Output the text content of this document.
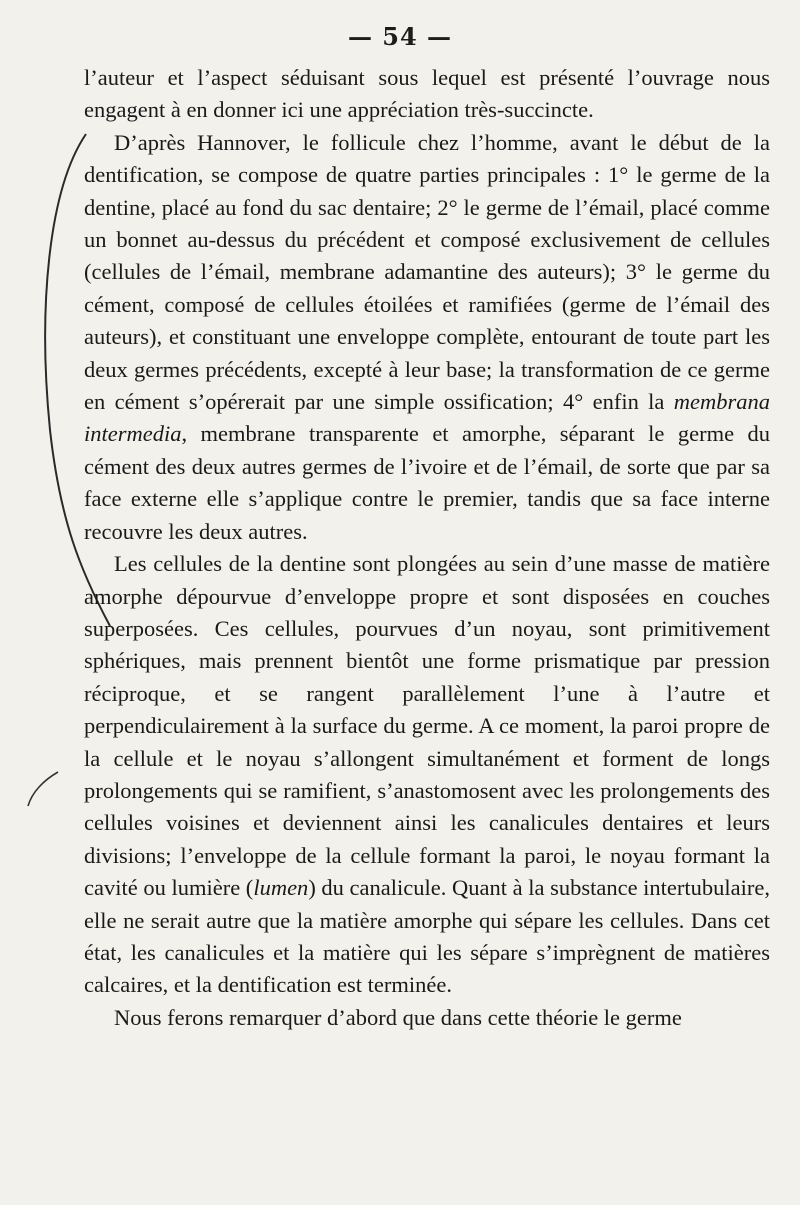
— 54 —

l’auteur et l’aspect séduisant sous lequel est présenté l’ouvrage nous engagent à en donner ici une appréciation très-succincte.

D’après Hannover, le follicule chez l’homme, avant le début de la dentification, se compose de quatre parties principales : 1° le germe de la dentine, placé au fond du sac dentaire; 2° le germe de l’émail, placé comme un bonnet au-dessus du précédent et composé exclusivement de cellules (cellules de l’émail, membrane adamantine des auteurs); 3° le germe du cément, composé de cellules étoilées et ramifiées (germe de l’émail des auteurs), et constituant une enveloppe complète, entourant de toute part les deux germes précédents, excepté à leur base; la transformation de ce germe en cément s’opérerait par une simple ossification; 4° enfin la membrana intermedia, membrane transparente et amorphe, séparant le germe du cément des deux autres germes de l’ivoire et de l’émail, de sorte que par sa face externe elle s’applique contre le premier, tandis que sa face interne recouvre les deux autres.

Les cellules de la dentine sont plongées au sein d’une masse de matière amorphe dépourvue d’enveloppe propre et sont disposées en couches superposées. Ces cellules, pourvues d’un noyau, sont primitivement sphériques, mais prennent bientôt une forme prismatique par pression réciproque, et se rangent parallèlement l’une à l’autre et perpendiculairement à la surface du germe. A ce moment, la paroi propre de la cellule et le noyau s’allongent simultanément et forment de longs prolongements qui se ramifient, s’anastomosent avec les prolongements des cellules voisines et deviennent ainsi les canalicules dentaires et leurs divisions; l’enveloppe de la cellule formant la paroi, le noyau formant la cavité ou lumière (lumen) du canalicule. Quant à la substance intertubulaire, elle ne serait autre que la matière amorphe qui sépare les cellules. Dans cet état, les canalicules et la matière qui les sépare s’imprègnent de matières calcaires, et la dentification est terminée.

Nous ferons remarquer d’abord que dans cette théorie le germe
